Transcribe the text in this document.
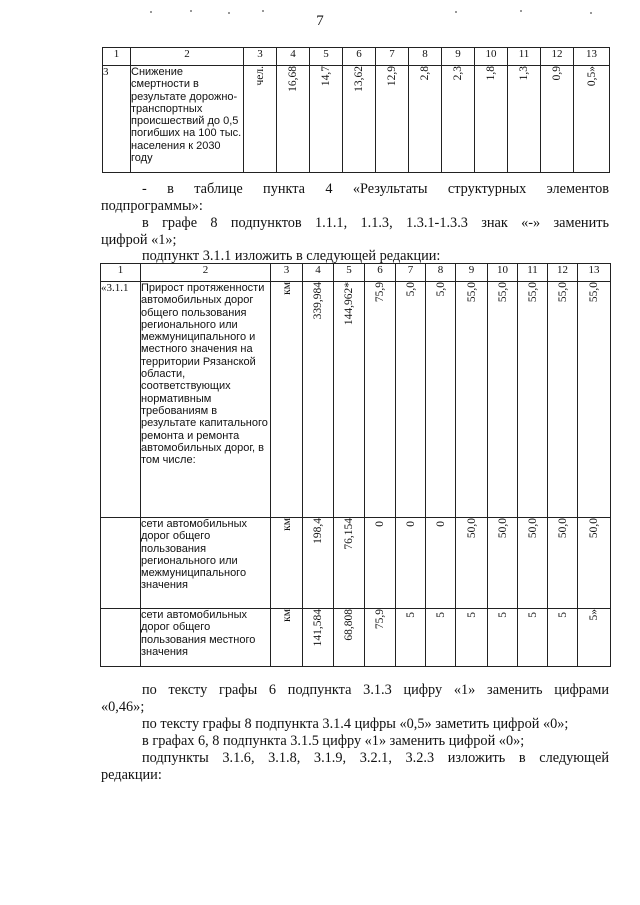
7
1	2	3	4	5	6	7	8	9	10	11	12	13
3	Снижение смертности в результате дорожно-транспортных происшествий до 0,5 погибших на 100 тыс. населения к 2030 году	чел.	16,68	14,7	13,62	12,9	2,8	2,3	1,8	1,3	0,9	0,5»

- в таблице пункта 4 «Результаты структурных элементов

подпрограммы»:

в графе 8 подпунктов 1.1.1, 1.1.3, 1.3.1-1.3.3 знак «-» заменить

цифрой «1»;

подпункт 3.1.1 изложить в следующей редакции:

1	2	3	4	5	6	7	8	9	10	11	12	13
«3.1.1	Прирост протяженности автомобильных дорог общего пользования регионального или межмуниципального и местного значения на территории Рязанской области, соответствующих нормативным требованиям в результате капитального ремонта и ремонта автомобильных дорог, в том числе:	км	339,984	144,962*	75,9	5,0	5,0	55,0	55,0	55,0	55,0	55,0
	сети автомобильных дорог общего пользования регионального или межмуниципального значения	км	198,4	76,154	0	0	0	50,0	50,0	50,0	50,0	50,0
	сети автомобильных дорог общего пользования местного значения	км	141,584	68,808	75,9	5	5	5	5	5	5	5»

по тексту графы 6 подпункта 3.1.3 цифру «1» заменить цифрами

«0,46»;

по тексту графы 8 подпункта 3.1.4 цифры «0,5» заметить цифрой «0»;

в графах 6, 8 подпункта 3.1.5 цифру «1» заменить цифрой «0»;

подпункты 3.1.6, 3.1.8, 3.1.9, 3.2.1, 3.2.3 изложить в следующей

редакции:
